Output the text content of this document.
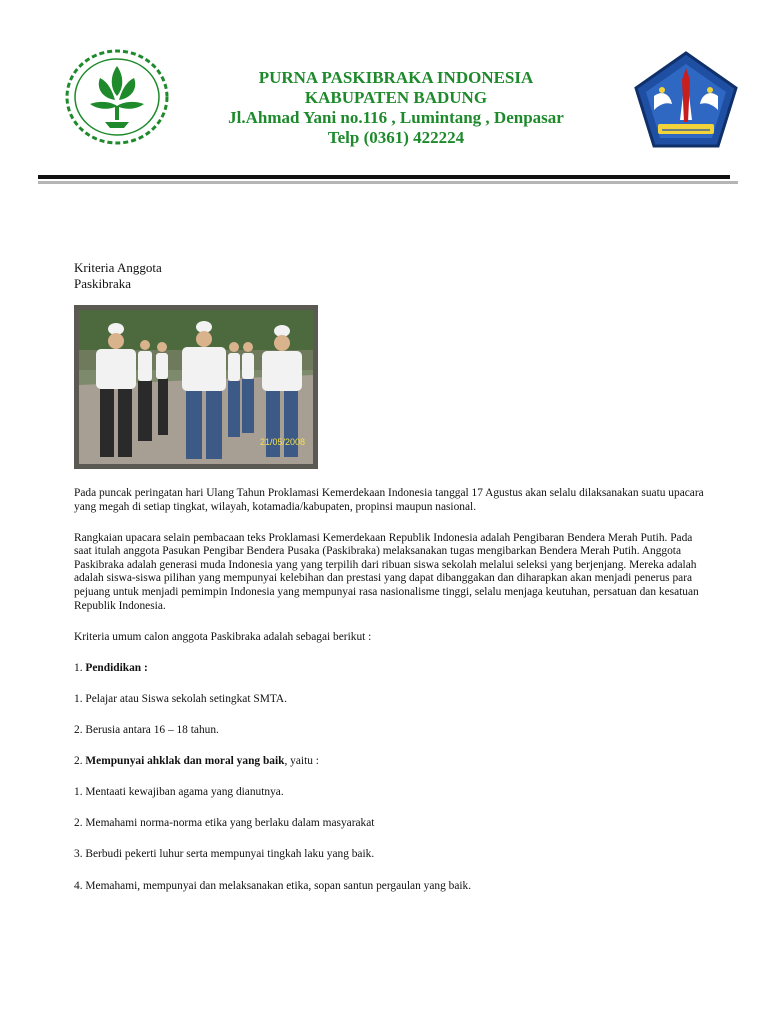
PURNA PASKIBRAKA INDONESIA
KABUPATEN BADUNG
Jl.Ahmad Yani no.116 , Lumintang , Denpasar
Telp (0361) 422224
Kriteria Anggota
Paskibraka
21/05/2008

Pada puncak peringatan hari Ulang Tahun Proklamasi Kemerdekaan Indonesia tanggal 17 Agustus akan selalu dilaksanakan suatu upacara yang megah di setiap tingkat, wilayah, kotamadia/kabupaten, propinsi maupun nasional.

Rangkaian upacara selain pembacaan teks Proklamasi Kemerdekaan Republik Indonesia adalah Pengibaran Bendera Merah Putih. Pada saat itulah anggota Pasukan Pengibar Bendera Pusaka (Paskibraka) melaksanakan tugas mengibarkan Bendera Merah Putih. Anggota Paskibraka adalah generasi muda Indonesia yang yang terpilih dari ribuan siswa sekolah melalui seleksi yang berjenjang. Mereka adalah adalah siswa-siswa pilihan yang mempunyai kelebihan dan prestasi yang dapat dibanggakan dan diharapkan akan menjadi penerus para pejuang untuk menjadi pemimpin Indonesia yang mempunyai rasa nasionalisme tinggi, selalu menjaga keutuhan, persatuan dan kesatuan Republik Indonesia.

Kriteria umum calon anggota Paskibraka adalah sebagai berikut :

1. Pendidikan :

1. Pelajar atau Siswa sekolah setingkat SMTA.

2. Berusia antara 16 – 18 tahun.

2. Mempunyai ahklak dan moral yang baik, yaitu :

1. Mentaati kewajiban agama yang dianutnya.

2. Memahami norma-norma etika yang berlaku dalam masyarakat

3. Berbudi pekerti luhur serta mempunyai tingkah laku yang baik.

4. Memahami, mempunyai dan melaksanakan etika, sopan santun pergaulan yang baik.
